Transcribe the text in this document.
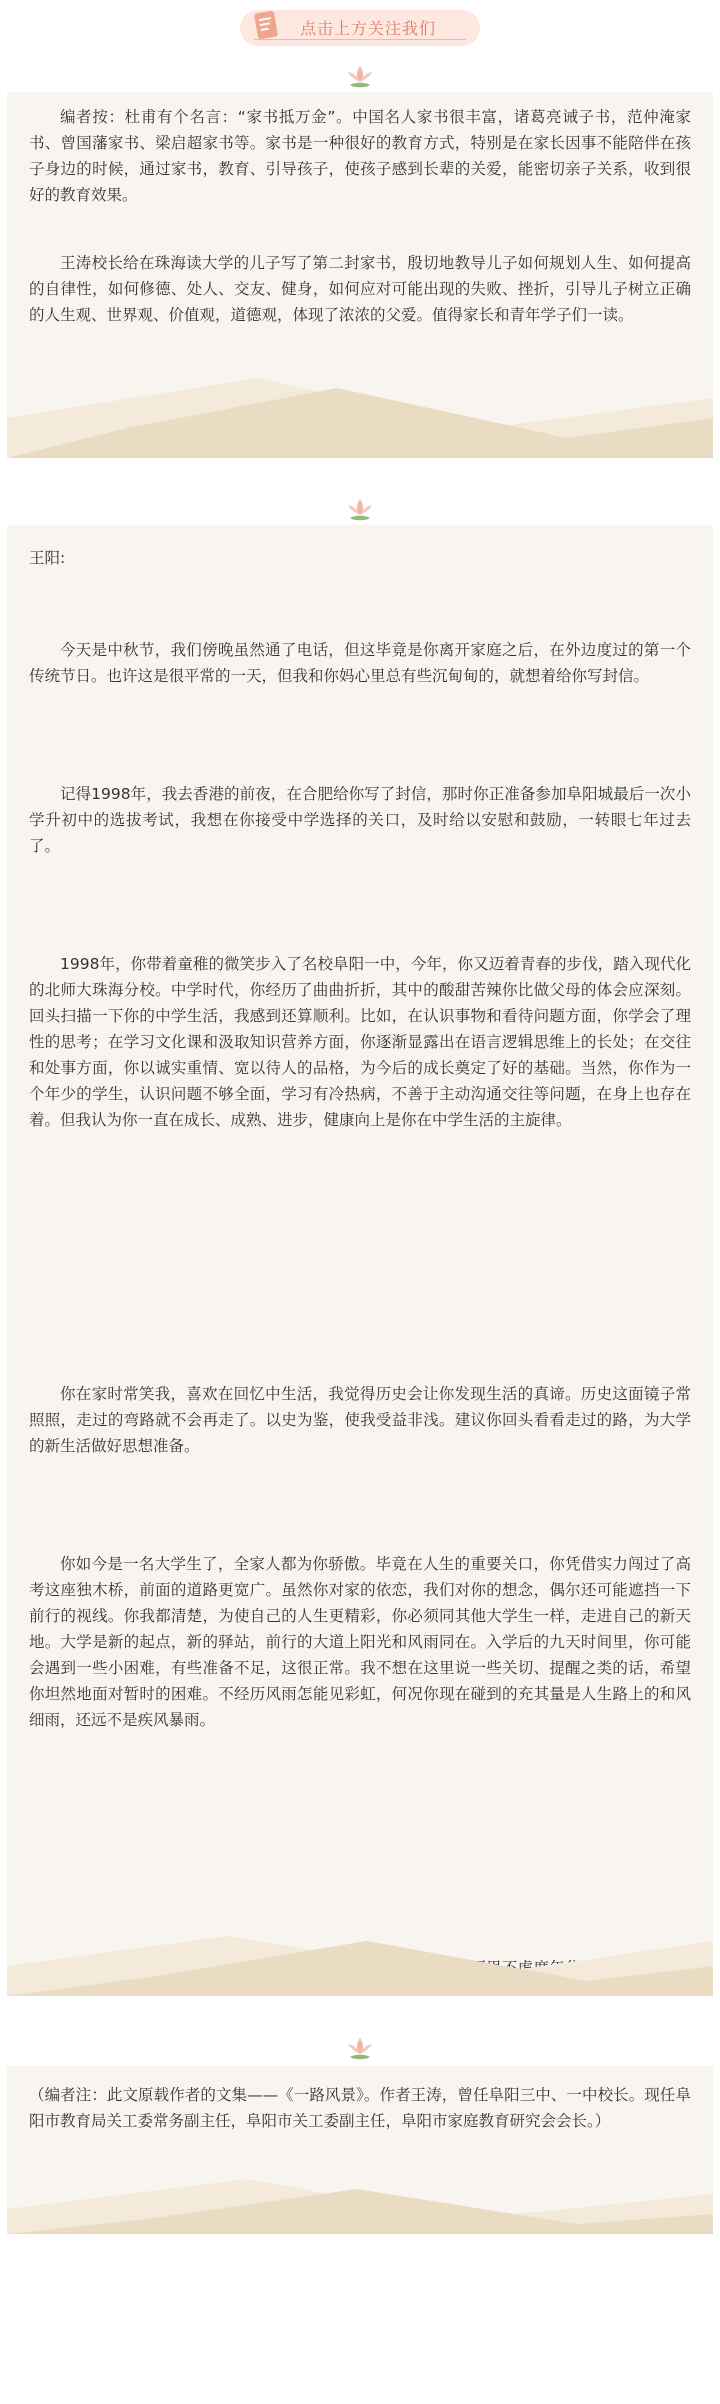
点击上方关注我们

编者按：杜甫有个名言：“家书抵万金”。中国名人家书很丰富，诸葛亮诫子书，范仲淹家书、曾国藩家书、梁启超家书等。家书是一种很好的教育方式，特别是在家长因事不能陪伴在孩子身边的时候，通过家书，教育、引导孩子，使孩子感到长辈的关爱，能密切亲子关系，收到很好的教育效果。

王涛校长给在珠海读大学的儿子写了第二封家书，殷切地教导儿子如何规划人生、如何提高的自律性，如何修德、处人、交友、健身，如何应对可能出现的失败、挫折，引导儿子树立正确的人生观、世界观、价值观，道德观，体现了浓浓的父爱。值得家长和青年学子们一读。

王阳:

今天是中秋节，我们傍晚虽然通了电话，但这毕竟是你离开家庭之后，在外边度过的第一个传统节日。也许这是很平常的一天，但我和你妈心里总有些沉甸甸的，就想着给你写封信。

记得1998年，我去香港的前夜，在合肥给你写了封信，那时你正准备参加阜阳城最后一次小学升初中的选拔考试，我想在你接受中学选择的关口，及时给以安慰和鼓励，一转眼七年过去了。

1998年，你带着童稚的微笑步入了名校阜阳一中，今年，你又迈着青春的步伐，踏入现代化的北师大珠海分校。中学时代，你经历了曲曲折折，其中的酸甜苦辣你比做父母的体会应深刻。回头扫描一下你的中学生活，我感到还算顺利。比如，在认识事物和看待问题方面，你学会了理性的思考；在学习文化课和汲取知识营养方面，你逐渐显露出在语言逻辑思维上的长处；在交往和处事方面，你以诚实重情、宽以待人的品格，为今后的成长奠定了好的基础。当然，你作为一个年少的学生，认识问题不够全面，学习有冷热病，不善于主动沟通交往等问题，在身上也存在着。但我认为你一直在成长、成熟、进步，健康向上是你在中学生活的主旋律。

你在家时常笑我，喜欢在回忆中生活，我觉得历史会让你发现生活的真谛。历史这面镜子常照照，走过的弯路就不会再走了。以史为鉴，使我受益非浅。建议你回头看看走过的路，为大学的新生活做好思想准备。

你如今是一名大学生了，全家人都为你骄傲。毕竟在人生的重要关口，你凭借实力闯过了高考这座独木桥，前面的道路更宽广。虽然你对家的依恋，我们对你的想念，偶尔还可能遮挡一下前行的视线。你我都清楚，为使自己的人生更精彩，你必须同其他大学生一样，走进自己的新天地。大学是新的起点，新的驿站，前行的大道上阳光和风雨同在。入学后的九天时间里，你可能会遇到一些小困难，有些准备不足，这很正常。我不想在这里说一些关切、提醒之类的话，希望你坦然地面对暂时的困难。不经历风雨怎能见彩虹，何况你现在碰到的充其量是人生路上的和风细雨，还远不是疾风暴雨。

（编者注：此文原载作者的文集——《一路风景》。作者王涛，曾任阜阳三中、一中校长。现任阜阳市教育局关工委常务副主任，阜阳市关工委副主任，阜阳市家庭教育研究会会长。）
